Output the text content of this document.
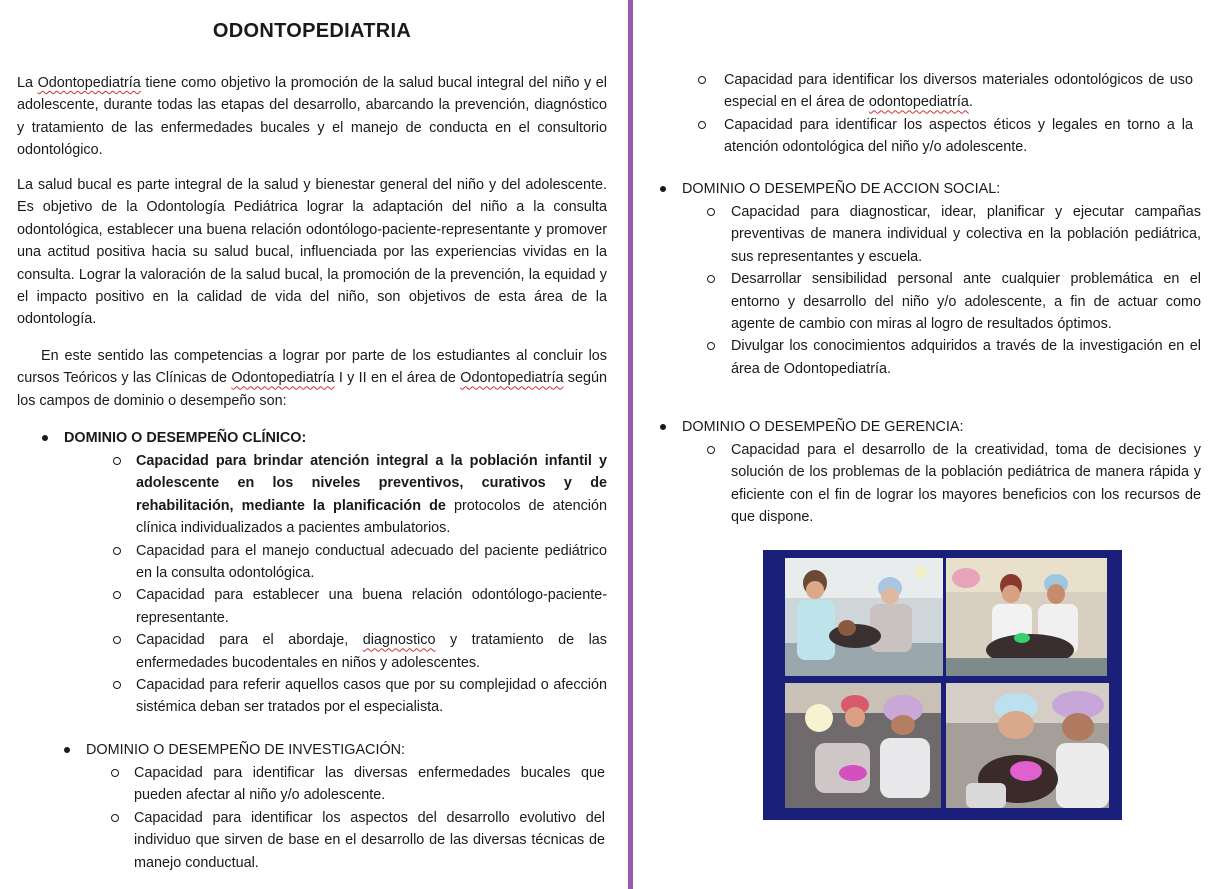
ODONTOPEDIATRIA

La Odontopediatría tiene como objetivo la promoción de la salud bucal integral del niño y el adolescente, durante todas las etapas del desarrollo, abarcando la prevención, diagnóstico y tratamiento de las enfermedades bucales y el manejo de conducta en el consultorio odontológico.

La salud bucal es parte integral de la salud y bienestar general del niño y del adolescente. Es objetivo de la Odontología Pediátrica lograr la adaptación del niño a la consulta odontológica, establecer una buena relación odontólogo-paciente-representante y promover una actitud positiva hacia su salud bucal, influenciada por las experiencias vividas en la consulta. Lograr la valoración de la salud bucal, la promoción de la prevención, la equidad y el impacto positivo en la calidad de vida del niño, son objetivos de esta área de la odontología.

En este sentido las competencias a lograr por parte de los estudiantes al concluir los cursos Teóricos y las Clínicas de Odontopediatría I y II en el área de Odontopediatría según los campos de dominio o desempeño son:

DOMINIO O DESEMPEÑO CLÍNICO:
Capacidad para brindar atención integral a la población infantil y adolescente en los niveles preventivos, curativos y de rehabilitación, mediante la planificación de protocolos de atención clínica individualizados a pacientes ambulatorios.
Capacidad para el manejo conductual adecuado del paciente pediátrico en la consulta odontológica.
Capacidad para establecer una buena relación odontólogo-paciente-representante.
Capacidad para el abordaje, diagnostico y tratamiento de las enfermedades bucodentales en niños y adolescentes.
Capacidad para referir aquellos casos que por su complejidad o afección sistémica deban ser tratados por el especialista.
DOMINIO O DESEMPEÑO DE INVESTIGACIÓN:
Capacidad para identificar las diversas enfermedades bucales que pueden afectar al niño y/o adolescente.
Capacidad para identificar los aspectos del desarrollo evolutivo del individuo que sirven de base en el desarrollo de las diversas técnicas de manejo conductual.
Capacidad para identificar los diversos materiales odontológicos de uso especial en el área de odontopediatría.
Capacidad para identificar los aspectos éticos y legales en torno a la atención odontológica del niño y/o adolescente.
DOMINIO O DESEMPEÑO DE ACCION SOCIAL:
Capacidad para diagnosticar, idear, planificar y ejecutar campañas preventivas de manera individual y colectiva en la población pediátrica, sus representantes y escuela.
Desarrollar sensibilidad personal ante cualquier problemática en el entorno y desarrollo del niño y/o adolescente, a fin de actuar como agente de cambio con miras al logro de resultados óptimos.
Divulgar los conocimientos adquiridos a través de la investigación en el área de Odontopediatría.
DOMINIO O DESEMPEÑO DE GERENCIA:
Capacidad para el desarrollo de la creatividad, toma de decisiones y solución de los problemas de la población pediátrica de manera rápida y eficiente con el fin de lograr los mayores beneficios con los recursos de que dispone.
